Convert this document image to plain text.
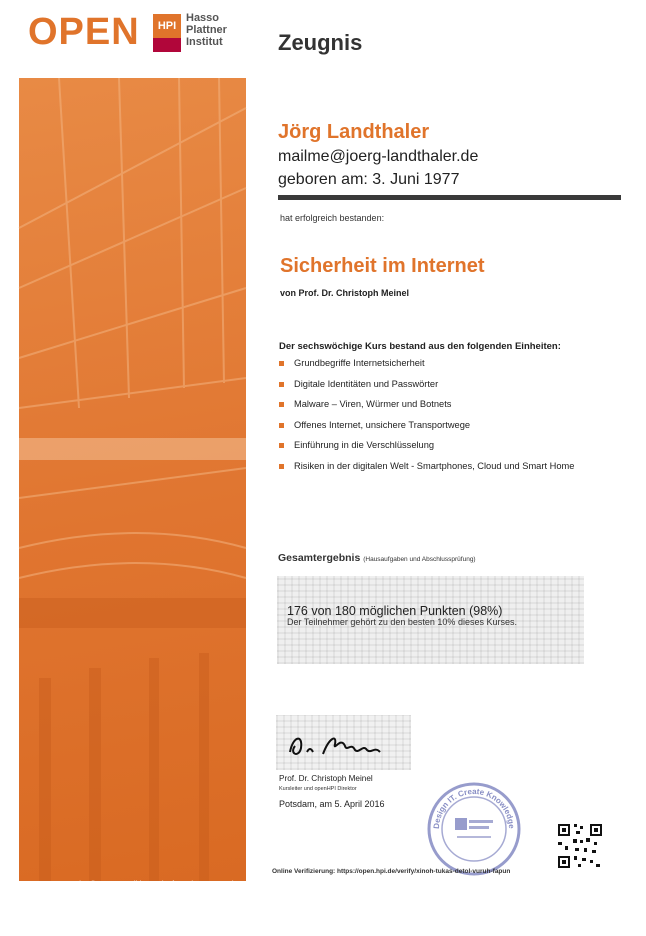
OPEN	HPI
Hasso
Plattner
Institut	Zeugnis
openHPI ist die Internet-Bildungsplattform des Hasso-Plattner-Instituts (HPI) für Softwaresystemtechnik GmbH. Das Hasso-Plattner-Institut ist ein An-Institut der Universität Potsdam. Im Mittelpunkt der universitären Lehre steht der praxisnahe und ingenieurwissenschaftlich orientierte Studiengang IT-Systems Engineering.
Jörg Landthaler
mailme@joerg-landthaler.de
geboren am: 3. Juni 1977
hat erfolgreich bestanden:
Sicherheit im Internet
von Prof. Dr. Christoph Meinel
Der sechswöchige Kurs bestand aus den folgenden Einheiten:
Grundbegriffe Internetsicherheit
Digitale Identitäten und Passwörter
Malware – Viren, Würmer und Botnets
Offenes Internet, unsichere Transportwege
Einführung in die Verschlüsselung
Risiken in der digitalen Welt - Smartphones, Cloud und Smart Home
Gesamtergebnis (Hausaufgaben und Abschlussprüfung)
176 von 180 möglichen Punkten (98%)
Der Teilnehmer gehört zu den besten 10% dieses Kurses.
Prof. Dr. Christoph Meinel
Kursleiter und openHPI Direktor
Potsdam, am 5. April 2016
Design IT. Create Knowledge
Online Verifizierung: https://open.hpi.de/verify/xinoh-tukas-detol-vuruh-fapun
